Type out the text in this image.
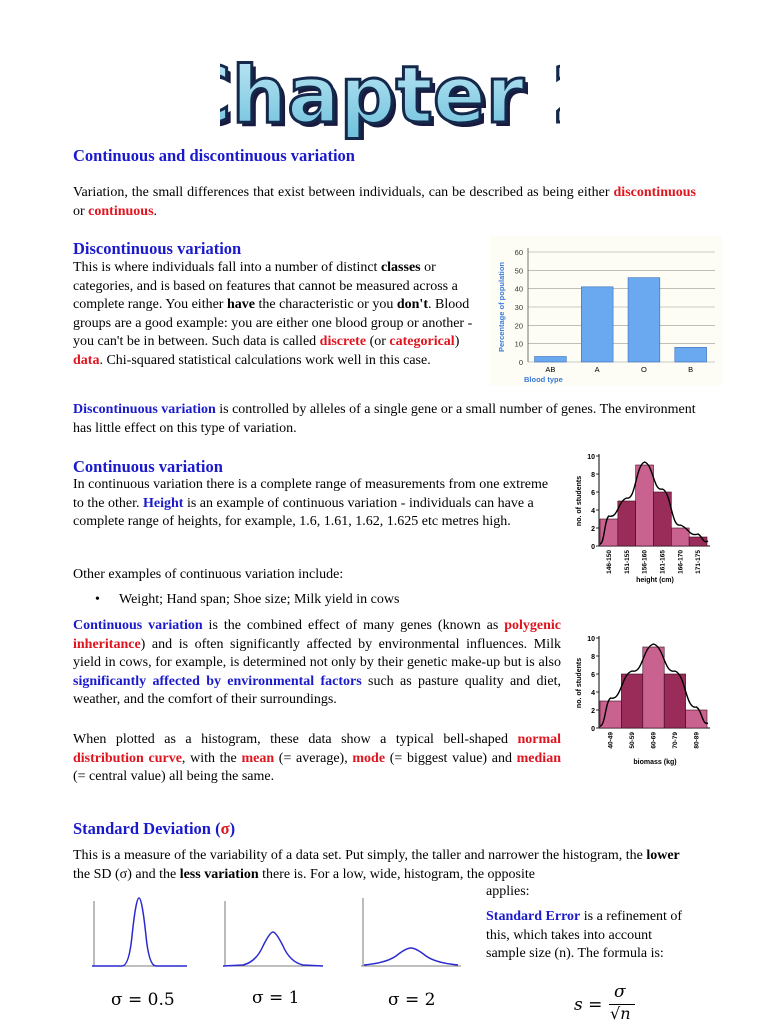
hapter
hapter
Continuous and discontinuous variation
Variation, the small differences that exist between individuals, can be described as being either discontinuous or continuous.
Discontinuous variation
This is where individuals fall into a number of distinct classes or categories, and is based on features that cannot be measured across a complete range. You either have the characteristic or you don't. Blood groups are a good example: you are either one blood group or another - you can't be in between. Such data is called discrete (or categorical) data. Chi-squared statistical calculations work well in this case.	0
10
20
30
40
50
60
AB	A	O	B
Blood type
Percentage of population
Discontinuous variation is controlled by alleles of a single gene or a small number of genes. The environment has little effect on this type of variation.
Continuous variation
In continuous variation there is a complete range of measurements from one extreme to the other. Height is an example of continuous variation - individuals can have a complete range of heights, for example, 1.6, 1.61, 1.62, 1.625 etc metres high.
Other examples of continuous variation include:
• Weight; Hand span; Shoe size; Milk yield in cows
Continuous variation is the combined effect of many genes (known as polygenic inheritance) and is often significantly affected by environmental influences. Milk yield in cows, for example, is determined not only by their genetic make-up but is also significantly affected by environmental factors such as pasture quality and diet, weather, and the comfort of their surroundings.
When plotted as a histogram, these data show a typical bell-shaped normal distribution curve, with the mean (= average), mode (= biggest value) and median (= central value) all being the same.
0
2
4
6
8
10
146-150 151-155 156-160 161-165 166-170 171-175
height (cm)
no. of students
0
2
4
6
8
10
40-49 50-59 60-69 70-79 80-89
biomass (kg)
no. of students
Standard Deviation (σ)
This is a measure of the variability of a data set. Put simply, the taller and narrower the histogram, the lower the SD (σ) and the less variation there is. For a low, wide, histogram, the opposite
applies:
Standard Error is a refinement of this, which takes into account sample size (n). The formula is:
σ = 0.5	σ = 1	σ = 2	s =
σ
√n
